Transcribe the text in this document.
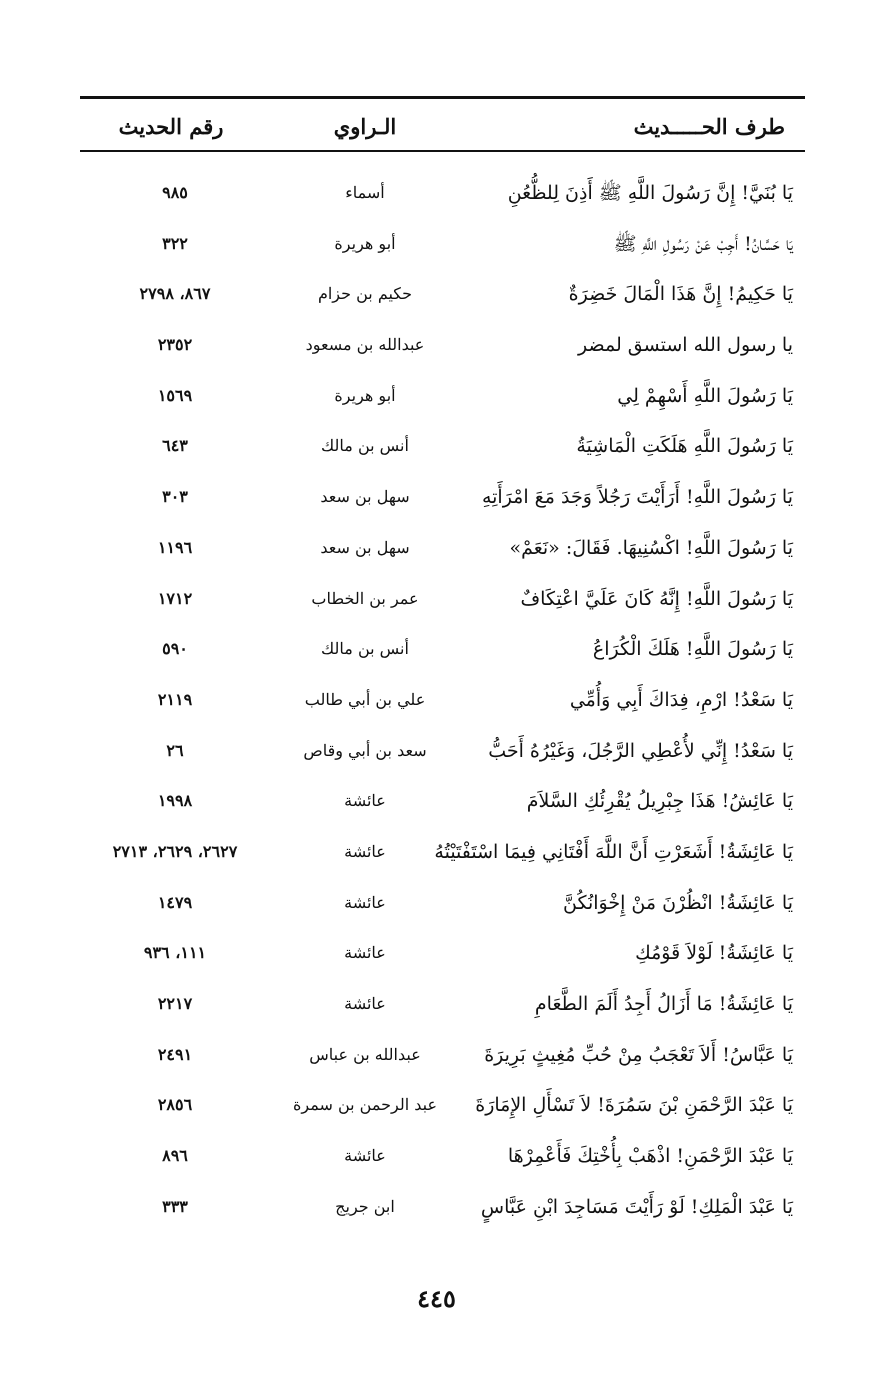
طرف الحـــــديث
الـراوي
رقم الحديث
يَا بُنَيَّ! إِنَّ رَسُولَ اللَّهِ ﷺ أَذِنَ لِلظُّعُنِ
أسماء
٩٨٥
يَا حَسَّانُ! أَجِبْ عَنْ رَسُولِ اللَّهِ ﷺ
أبو هريرة
٣٢٢
يَا حَكِيمُ! إِنَّ هَذَا الْمَالَ خَضِرَةٌ
حكيم بن حزام
٨٦٧، ٢٧٩٨
يا رسول الله استسق لمضر
عبدالله بن مسعود
٢٣٥٢
يَا رَسُولَ اللَّهِ أَسْهِمْ لِي
أبو هريرة
١٥٦٩
يَا رَسُولَ اللَّهِ هَلَكَتِ الْمَاشِيَةُ
أنس بن مالك
٦٤٣
يَا رَسُولَ اللَّهِ! أَرَأَيْتَ رَجُلاً وَجَدَ مَعَ امْرَأَتِهِ
سهل بن سعد
٣٠٣
يَا رَسُولَ اللَّهِ! اكْسُنِيهَا. فَقَالَ: «نَعَمْ»
سهل بن سعد
١١٩٦
يَا رَسُولَ اللَّهِ! إِنَّهُ كَانَ عَلَيَّ اعْتِكَافٌ
عمر بن الخطاب
١٧١٢
يَا رَسُولَ اللَّهِ! هَلَكَ الْكُرَاعُ
أنس بن مالك
٥٩٠
يَا سَعْدُ! ارْمِ، فِدَاكَ أَبِي وَأُمِّي
علي بن أبي طالب
٢١١٩
يَا سَعْدُ! إِنِّي لأُعْطِي الرَّجُلَ، وَغَيْرُهُ أَحَبُّ
سعد بن أبي وقاص
٢٦
يَا عَائِشُ! هَذَا جِبْرِيلُ يُقْرِئُكِ السَّلاَمَ
عائشة
١٩٩٨
يَا عَائِشَةُ! أَشَعَرْتِ أَنَّ اللَّهَ أَفْتَانِي فِيمَا اسْتَفْتَيْتُهُ
عائشة
٢٦٢٧، ٢٦٢٩، ٢٧١٣
يَا عَائِشَةُ! انْظُرْنَ مَنْ إِخْوَانُكُنَّ
عائشة
١٤٧٩
يَا عَائِشَةُ! لَوْلاَ قَوْمُكِ
عائشة
١١١، ٩٣٦
يَا عَائِشَةُ! مَا أَزَالُ أَجِدُ أَلَمَ الطَّعَامِ
عائشة
٢٢١٧
يَا عَبَّاسُ! أَلاَ تَعْجَبُ مِنْ حُبِّ مُغِيثٍ بَرِيرَةَ
عبدالله بن عباس
٢٤٩١
يَا عَبْدَ الرَّحْمَنِ بْنَ سَمُرَةَ! لاَ تَسْأَلِ الإِمَارَةَ
عبد الرحمن بن سمرة
٢٨٥٦
يَا عَبْدَ الرَّحْمَنِ! اذْهَبْ بِأُخْتِكَ فَأَعْمِرْهَا
عائشة
٨٩٦
يَا عَبْدَ الْمَلِكِ! لَوْ رَأَيْتَ مَسَاجِدَ ابْنِ عَبَّاسٍ
ابن جريج
٣٣٣
٤٤٥
